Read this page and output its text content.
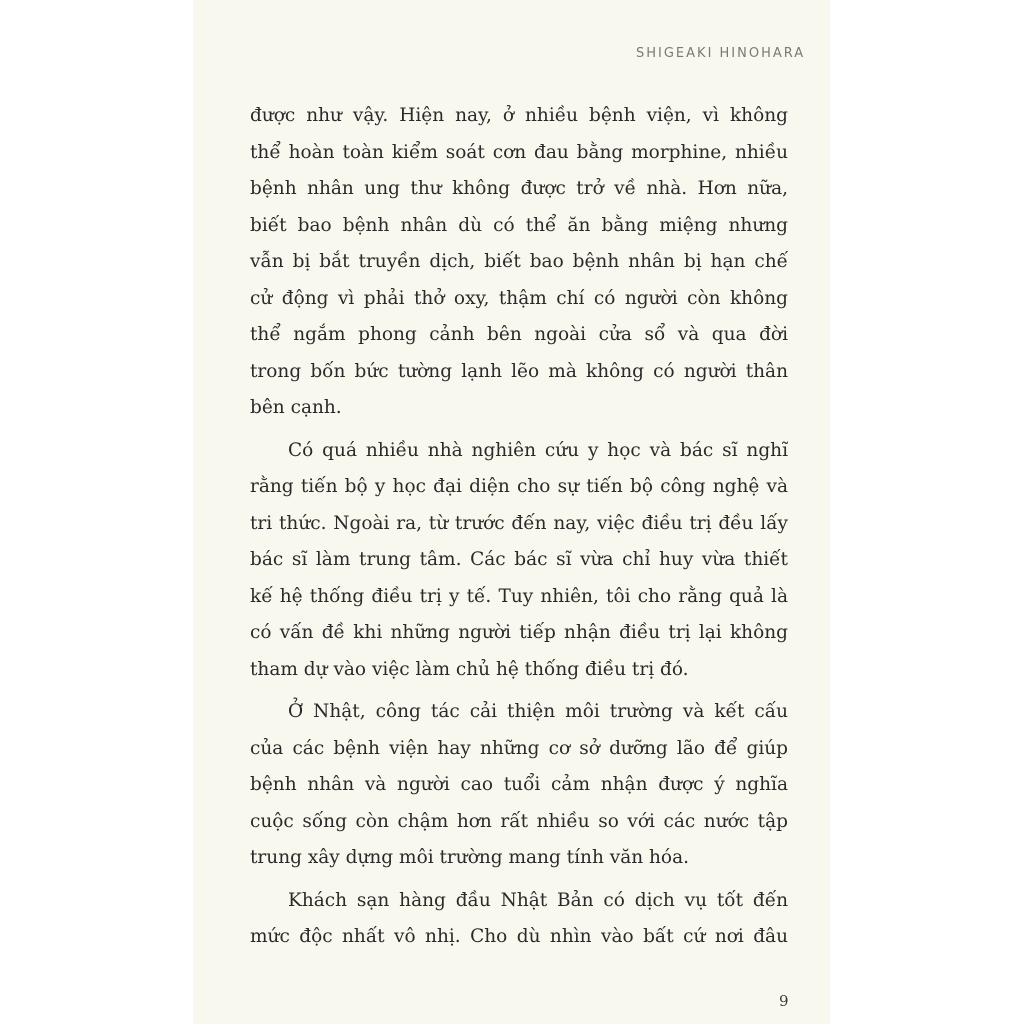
SHIGEAKI HINOHARA
được như vậy. Hiện nay, ở nhiều bệnh viện, vì không
thể hoàn toàn kiểm soát cơn đau bằng morphine, nhiều
bệnh nhân ung thư không được trở về nhà. Hơn nữa,
biết bao bệnh nhân dù có thể ăn bằng miệng nhưng
vẫn bị bắt truyền dịch, biết bao bệnh nhân bị hạn chế
cử động vì phải thở oxy, thậm chí có người còn không
thể ngắm phong cảnh bên ngoài cửa sổ và qua đời
trong bốn bức tường lạnh lẽo mà không có người thân
bên cạnh.
Có quá nhiều nhà nghiên cứu y học và bác sĩ nghĩ
rằng tiến bộ y học đại diện cho sự tiến bộ công nghệ và
tri thức. Ngoài ra, từ trước đến nay, việc điều trị đều lấy
bác sĩ làm trung tâm. Các bác sĩ vừa chỉ huy vừa thiết
kế hệ thống điều trị y tế. Tuy nhiên, tôi cho rằng quả là
có vấn đề khi những người tiếp nhận điều trị lại không
tham dự vào việc làm chủ hệ thống điều trị đó.
Ở Nhật, công tác cải thiện môi trường và kết cấu
của các bệnh viện hay những cơ sở dưỡng lão để giúp
bệnh nhân và người cao tuổi cảm nhận được ý nghĩa
cuộc sống còn chậm hơn rất nhiều so với các nước tập
trung xây dựng môi trường mang tính văn hóa.
Khách sạn hàng đầu Nhật Bản có dịch vụ tốt đến
mức độc nhất vô nhị. Cho dù nhìn vào bất cứ nơi đâu
9
